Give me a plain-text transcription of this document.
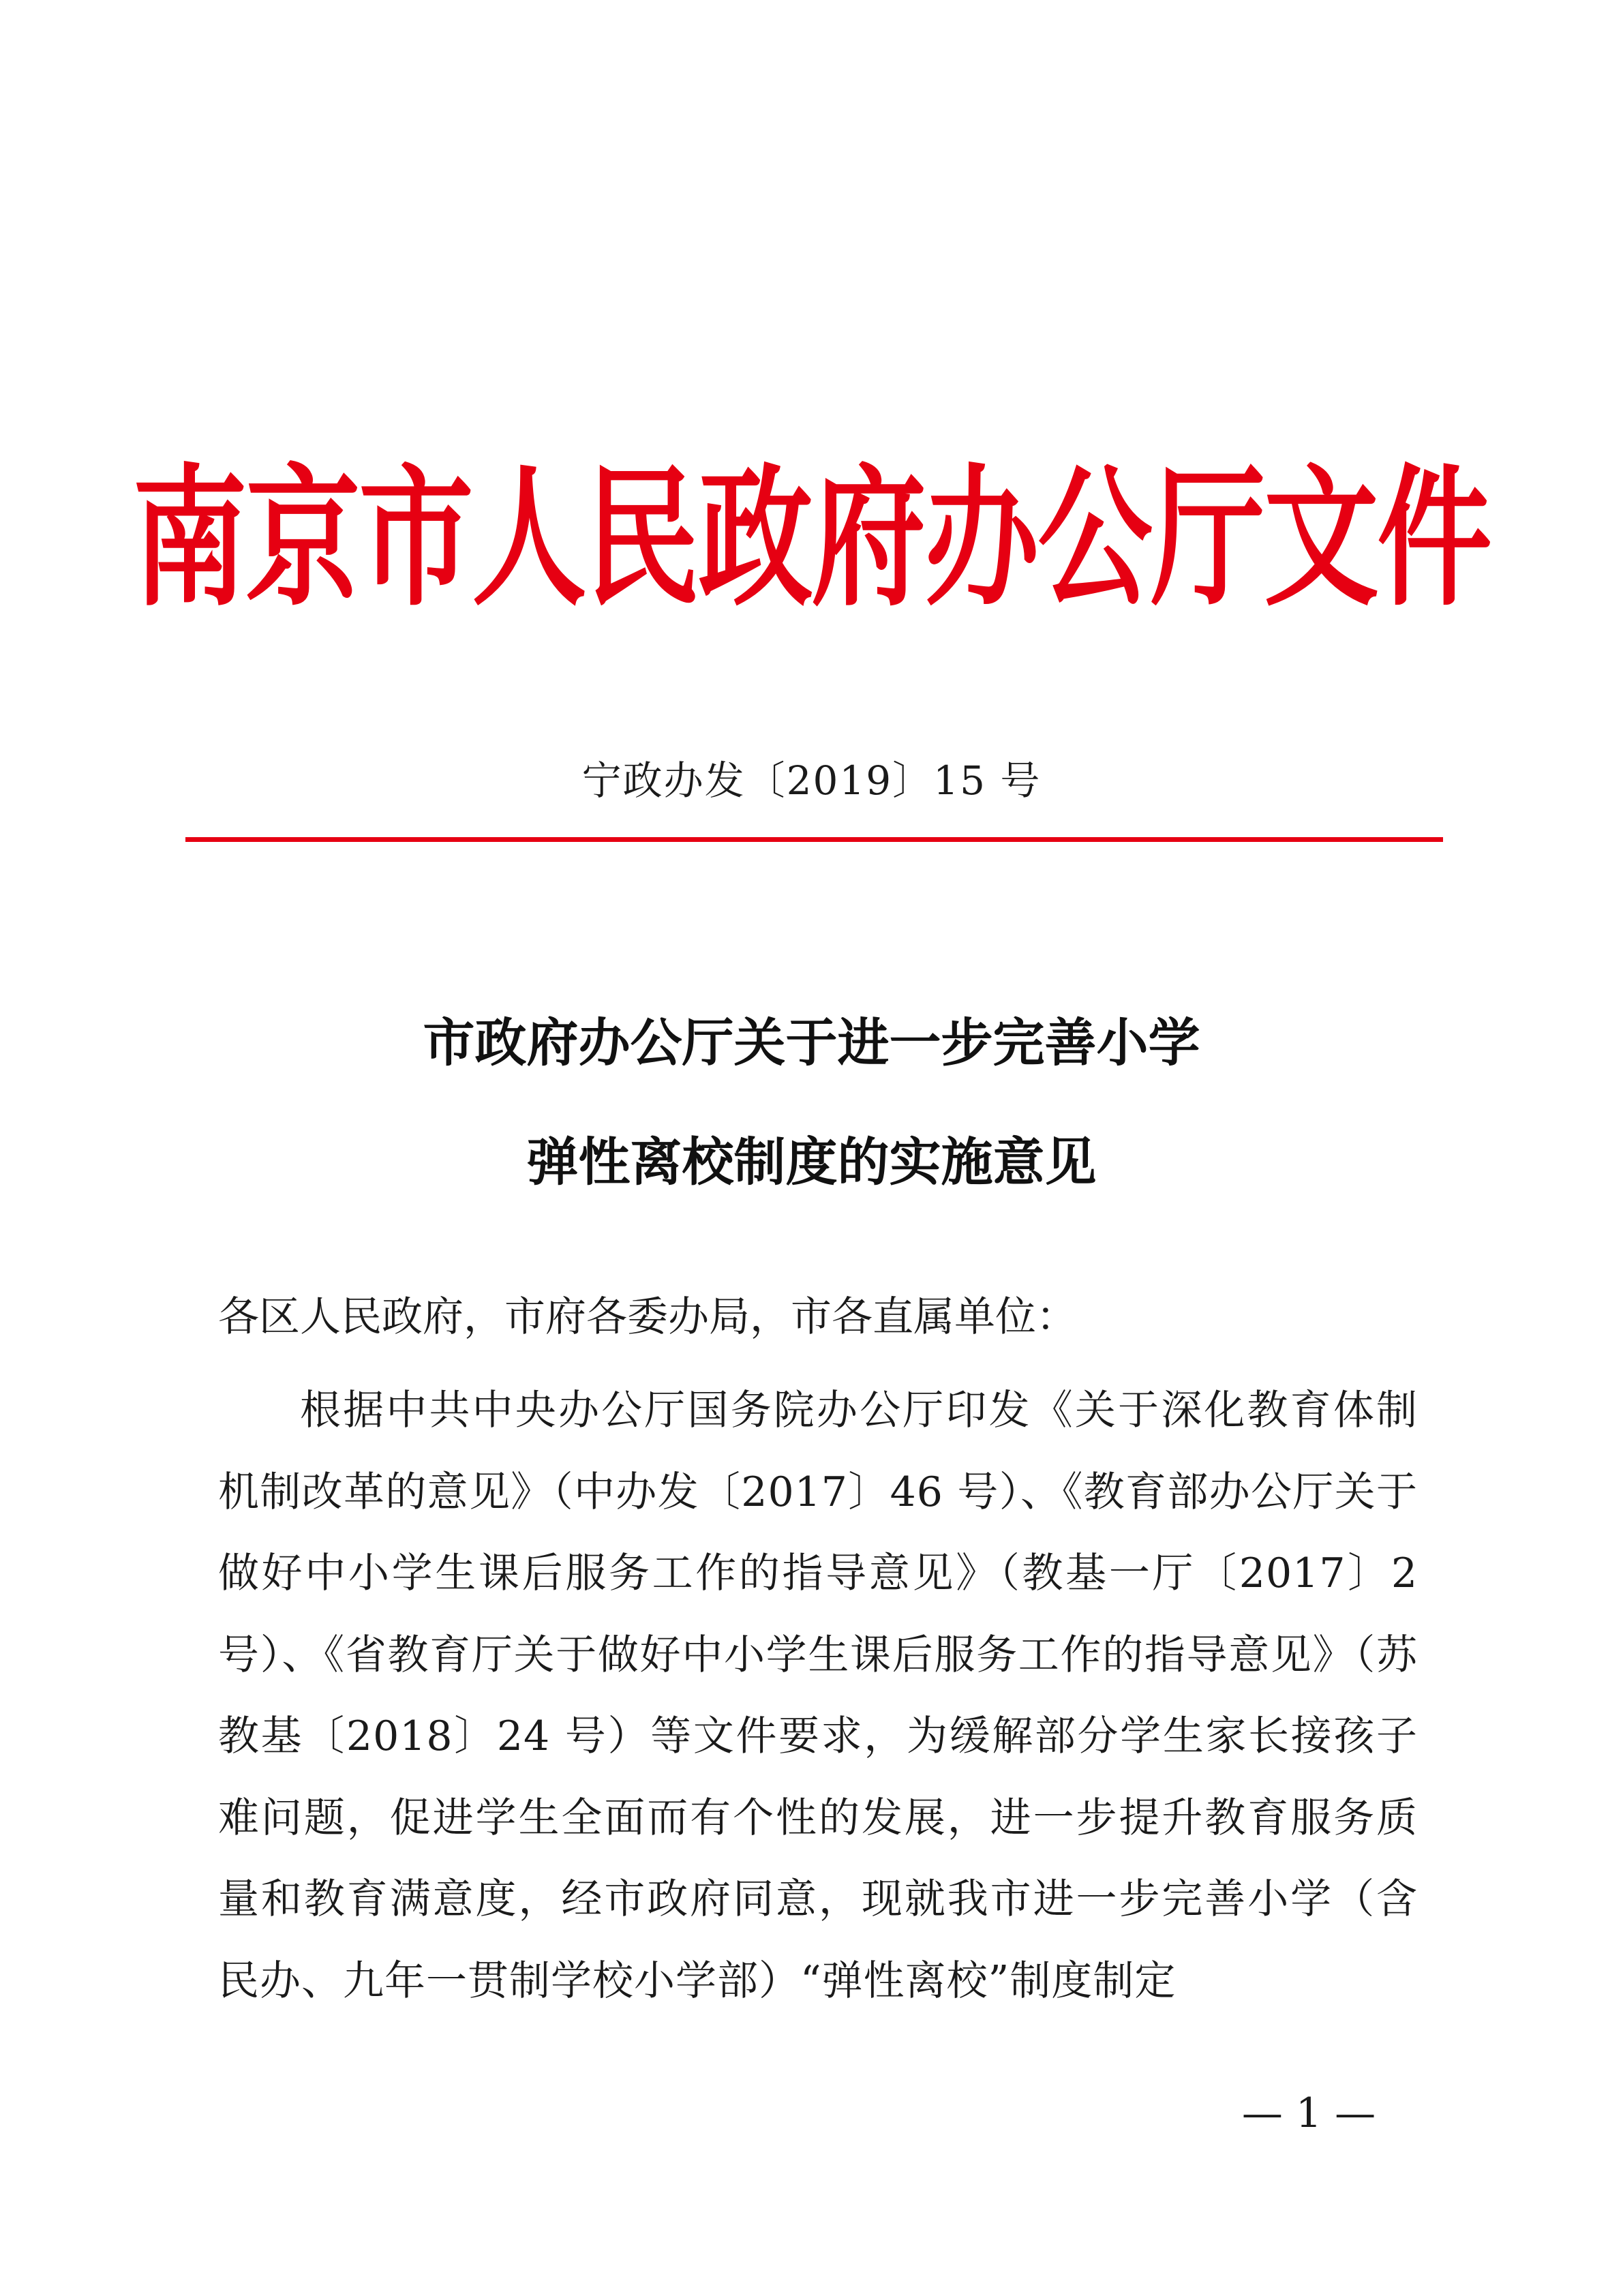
南京市人民政府办公厅文件
宁政办发〔2019〕15 号
市政府办公厅关于进一步完善小学
弹性离校制度的实施意见
各区人民政府，市府各委办局，市各直属单位：
根据中共中央办公厅国务院办公厅印发《关于深化教育体制机制改革的意见》（中办发〔2017〕46 号）、《教育部办公厅关于做好中小学生课后服务工作的指导意见》（教基一厅〔2017〕2 号）、《省教育厅关于做好中小学生课后服务工作的指导意见》（苏教基〔2018〕24 号）等文件要求，为缓解部分学生家长接孩子难问题，促进学生全面而有个性的发展，进一步提升教育服务质量和教育满意度，经市政府同意，现就我市进一步完善小学（含民办、九年一贯制学校小学部）“弹性离校”制度制定
— 1 —
